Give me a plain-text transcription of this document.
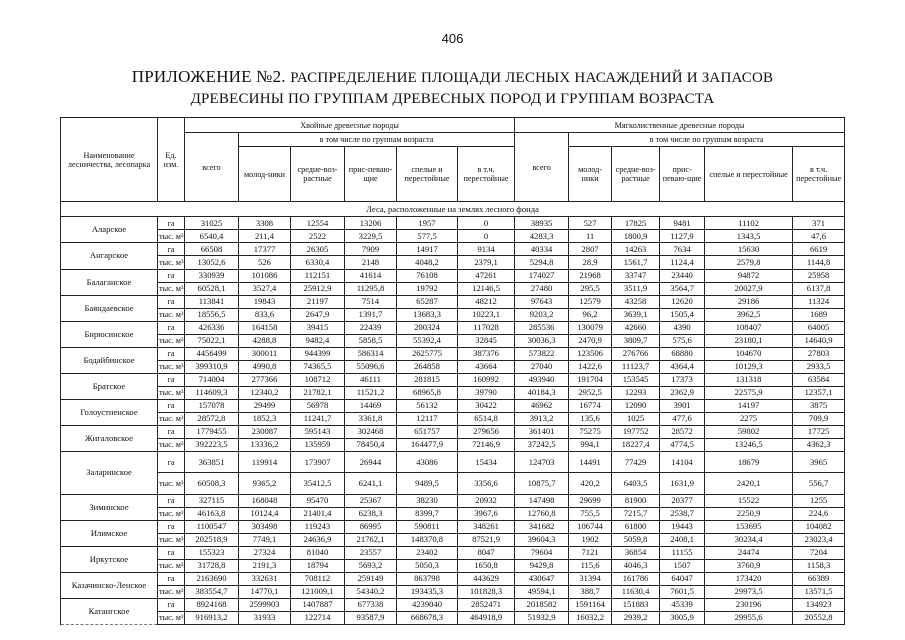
406
ПРИЛОЖЕНИЕ №2. РАСПРЕДЕЛЕНИЕ ПЛОЩАДИ ЛЕСНЫХ НАСАЖДЕНИЙ И ЗАПАСОВ
ДРЕВЕСИНЫ ПО ГРУППАМ ДРЕВЕСНЫХ ПОРОД И ГРУППАМ ВОЗРАСТА
Наименование лесничества, лесопарка	Ед. изм.	Хвойные древесные породы						Мягколиственные древесные породы					
		всего	в том числе по группам возраста					всего	в том числе по группам возраста				
			молод-ники	средне-воз-растные	прис-певаю-щие	спелые и перестойные	в т.ч. перестойные		молод-ники	средне-воз-растные	прис-певаю-щие	спелые и перестойные	в т.ч. перестойные
Леса, расположенные на землях лесного фонда													
Аларское	га	31025	3308	12554	13206	1957	0	38935	527	17825	9481	11102	371
	тыс. м³	6540,4	211,4	2522	3229,5	577,5	0	4283,3	11	1800,9	1127,9	1343,5	47,6
Ангарское	га	66508	17377	26305	7909	14917	9134	40334	2807	14263	7634	15630	6619
	тыс. м³	13052,6	526	6330,4	2148	4048,2	2379,1	5294,8	28,9	1561,7	1124,4	2579,8	1144,8
Балаганское	га	330939	101086	112151	41614	76108	47261	174027	21968	33747	23440	94872	25958
	тыс. м³	60528,1	3527,4	25912,9	11295,8	19792	12146,5	27480	295,5	3511,9	3564,7	20027,9	6137,8
Баяндаевское	га	113841	19843	21197	7514	65287	48212	97643	12579	43258	12620	29186	11324
	тыс. м³	18556,5	833,6	2647,9	1391,7	13683,3	10223,1	9203,2	96,2	3639,1	1505,4	3962,5	1689
Бирюсинское	га	426336	164158	39415	22439	200324	117028	285536	130079	42660	4390	108407	64005
	тыс. м³	75022,1	4288,8	9482,4	5858,5	55392,4	32845	30036,3	2470,9	3809,7	575,6	23180,1	14640,9
Бодайбинское	га	4456499	300011	944399	586314	2625775	387376	573822	123506	276766	68880	104670	27803
	тыс. м³	399310,9	4990,8	74365,5	55096,6	264858	43664	27040	1422,6	11123,7	4364,4	10129,3	2933,5
Братское	га	714004	277366	108712	46111	281815	160992	493940	191704	153545	17373	131318	63584
	тыс. м³	114609,3	12340,2	21782,1	11521,2	68965,8	39790	40184,3	2952,5	12293	2362,9	22575,9	12357,1
Голоустненское	га	157078	29499	56978	14469	56132	30422	46962	16774	12090	3901	14197	3875
	тыс. м³	28572,8	1852,3	11241,7	3361,8	12117	6514,8	3913,2	135,6	1025	477,6	2275	709,9
Жигаловское	га	1779455	230087	595143	302468	651757	279656	361401	75275	197752	28572	59802	17725
	тыс. м³	392223,5	13336,2	135959	78450,4	164477,9	72146,9	37242,5	994,1	18227,4	4774,5	13246,5	4362,3
Заларинское	га	363851	119914	173907	26944	43086	15434	124703	14491	77429	14104	18679	3965
	тыс. м³	60508,3	9365,2	35412,5	6241,1	9489,5	3356,6	10875,7	420,2	6403,5	1631,9	2420,1	556,7
Зиминское	га	327115	168048	95470	25367	38230	20932	147498	29699	81900	20377	15522	1255
	тыс. м³	46163,8	10124,4	21401,4	6238,3	8399,7	3967,6	12760,8	755,5	7215,7	2538,7	2250,9	224,6
Илимское	га	1100547	303498	119243	86995	590811	348261	341682	106744	61800	19443	153695	104082
	тыс. м³	202518,9	7749,1	24636,9	21762,1	148370,8	87521,9	39604,3	1902	5059,8	2408,1	30234,4	23023,4
Иркутское	га	155323	27324	81040	23557	23402	8047	79604	7121	36854	11155	24474	7204
	тыс. м³	31728,8	2191,3	18794	5693,2	5050,3	1650,8	9429,8	115,6	4046,3	1507	3760,9	1158,3
Казачинско-Ленское	га	2163690	332631	708112	259149	863798	443629	430647	31394	161786	64047	173420	66389
	тыс. м³	383554,7	14770,1	121009,1	54340,2	193435,3	101828,3	49594,1	388,7	11630,4	7601,5	29973,5	13571,5
Катангское	га	8924168	2599903	1407887	677338	4239040	2852471	2018582	1591164	151883	45339	230196	134923
	тыс. м³	916913,2	31933	122714	93587,9	668678,3	464918,9	51932,9	16032,2	2939,2	3005,9	29955,6	20552,8
